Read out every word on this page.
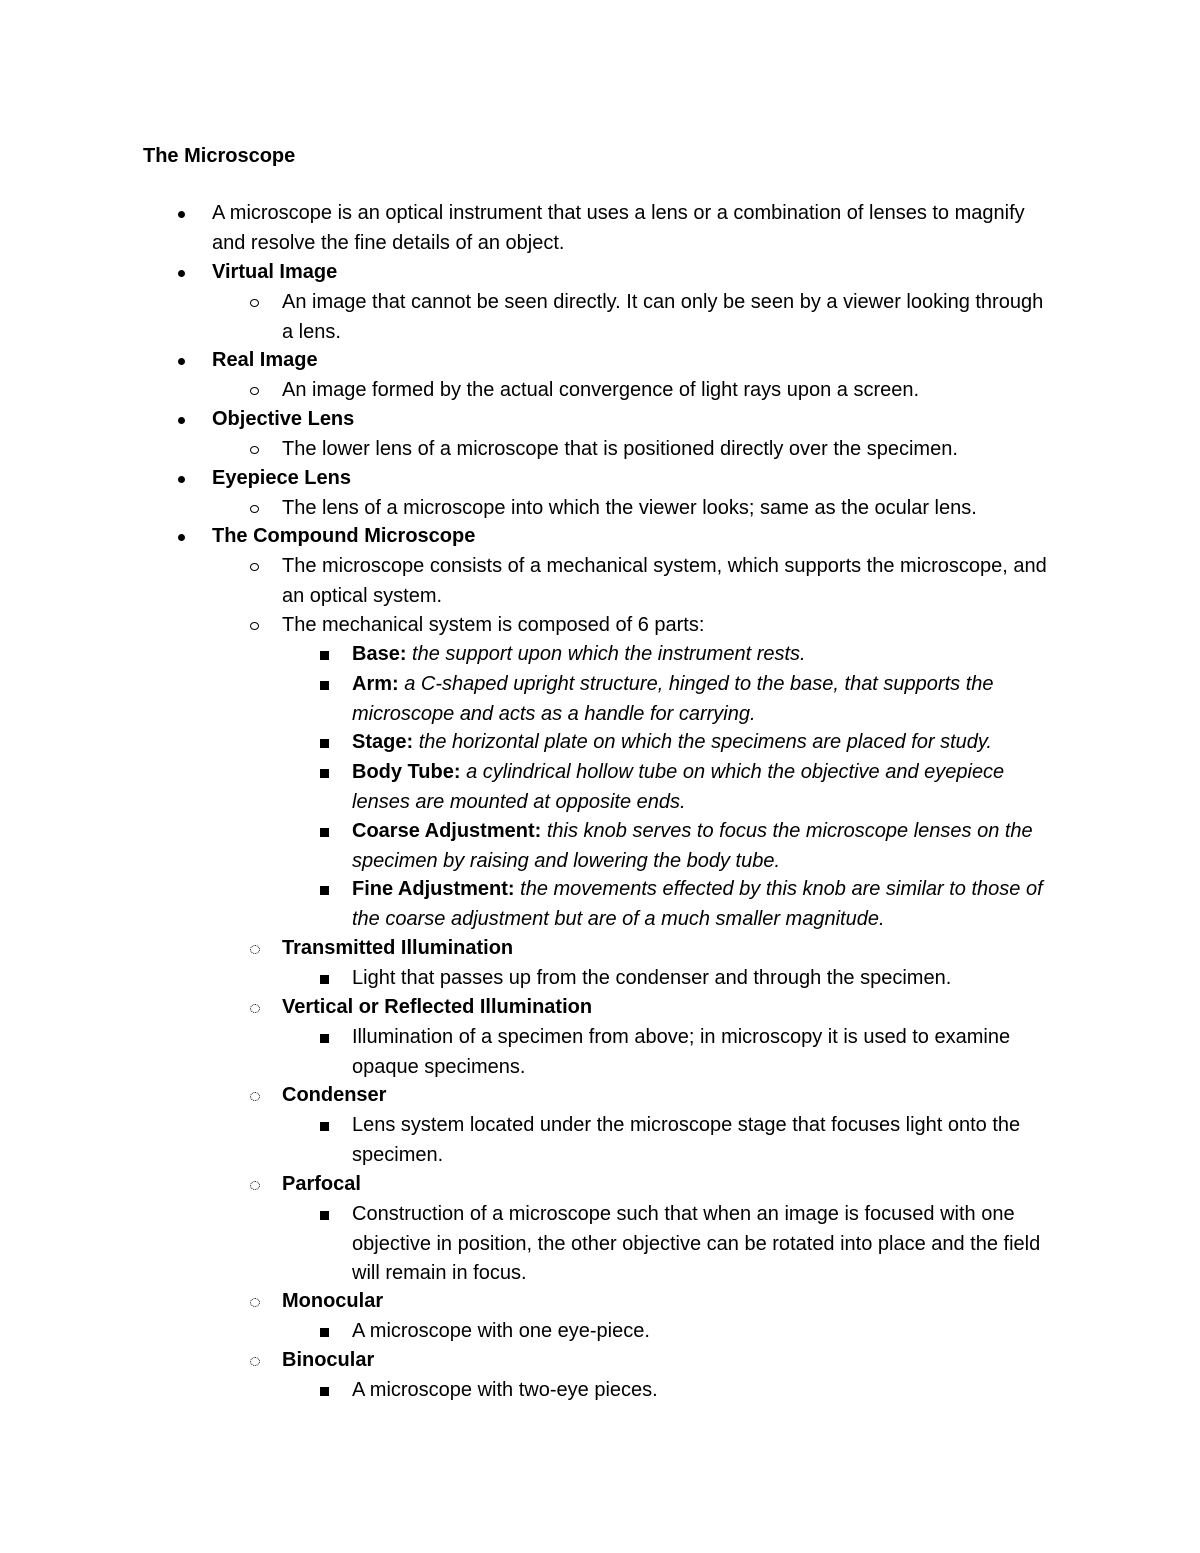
The Microscope
A microscope is an optical instrument that uses a lens or a combination of lenses to magnify and resolve the fine details of an object.
Virtual Image
An image that cannot be seen directly. It can only be seen by a viewer looking through a lens.
Real Image
An image formed by the actual convergence of light rays upon a screen.
Objective Lens
The lower lens of a microscope that is positioned directly over the specimen.
Eyepiece Lens
The lens of a microscope into which the viewer looks; same as the ocular lens.
The Compound Microscope
The microscope consists of a mechanical system, which supports the microscope, and an optical system.
The mechanical system is composed of 6 parts:
Base: the support upon which the instrument rests.
Arm: a C-shaped upright structure, hinged to the base, that supports the microscope and acts as a handle for carrying.
Stage: the horizontal plate on which the specimens are placed for study.
Body Tube: a cylindrical hollow tube on which the objective and eyepiece lenses are mounted at opposite ends.
Coarse Adjustment: this knob serves to focus the microscope lenses on the specimen by raising and lowering the body tube.
Fine Adjustment: the movements effected by this knob are similar to those of the coarse adjustment but are of a much smaller magnitude.
Transmitted Illumination
Light that passes up from the condenser and through the specimen.
Vertical or Reflected Illumination
Illumination of a specimen from above; in microscopy it is used to examine opaque specimens.
Condenser
Lens system located under the microscope stage that focuses light onto the specimen.
Parfocal
Construction of a microscope such that when an image is focused with one objective in position, the other objective can be rotated into place and the field will remain in focus.
Monocular
A microscope with one eye-piece.
Binocular
A microscope with two-eye pieces.
